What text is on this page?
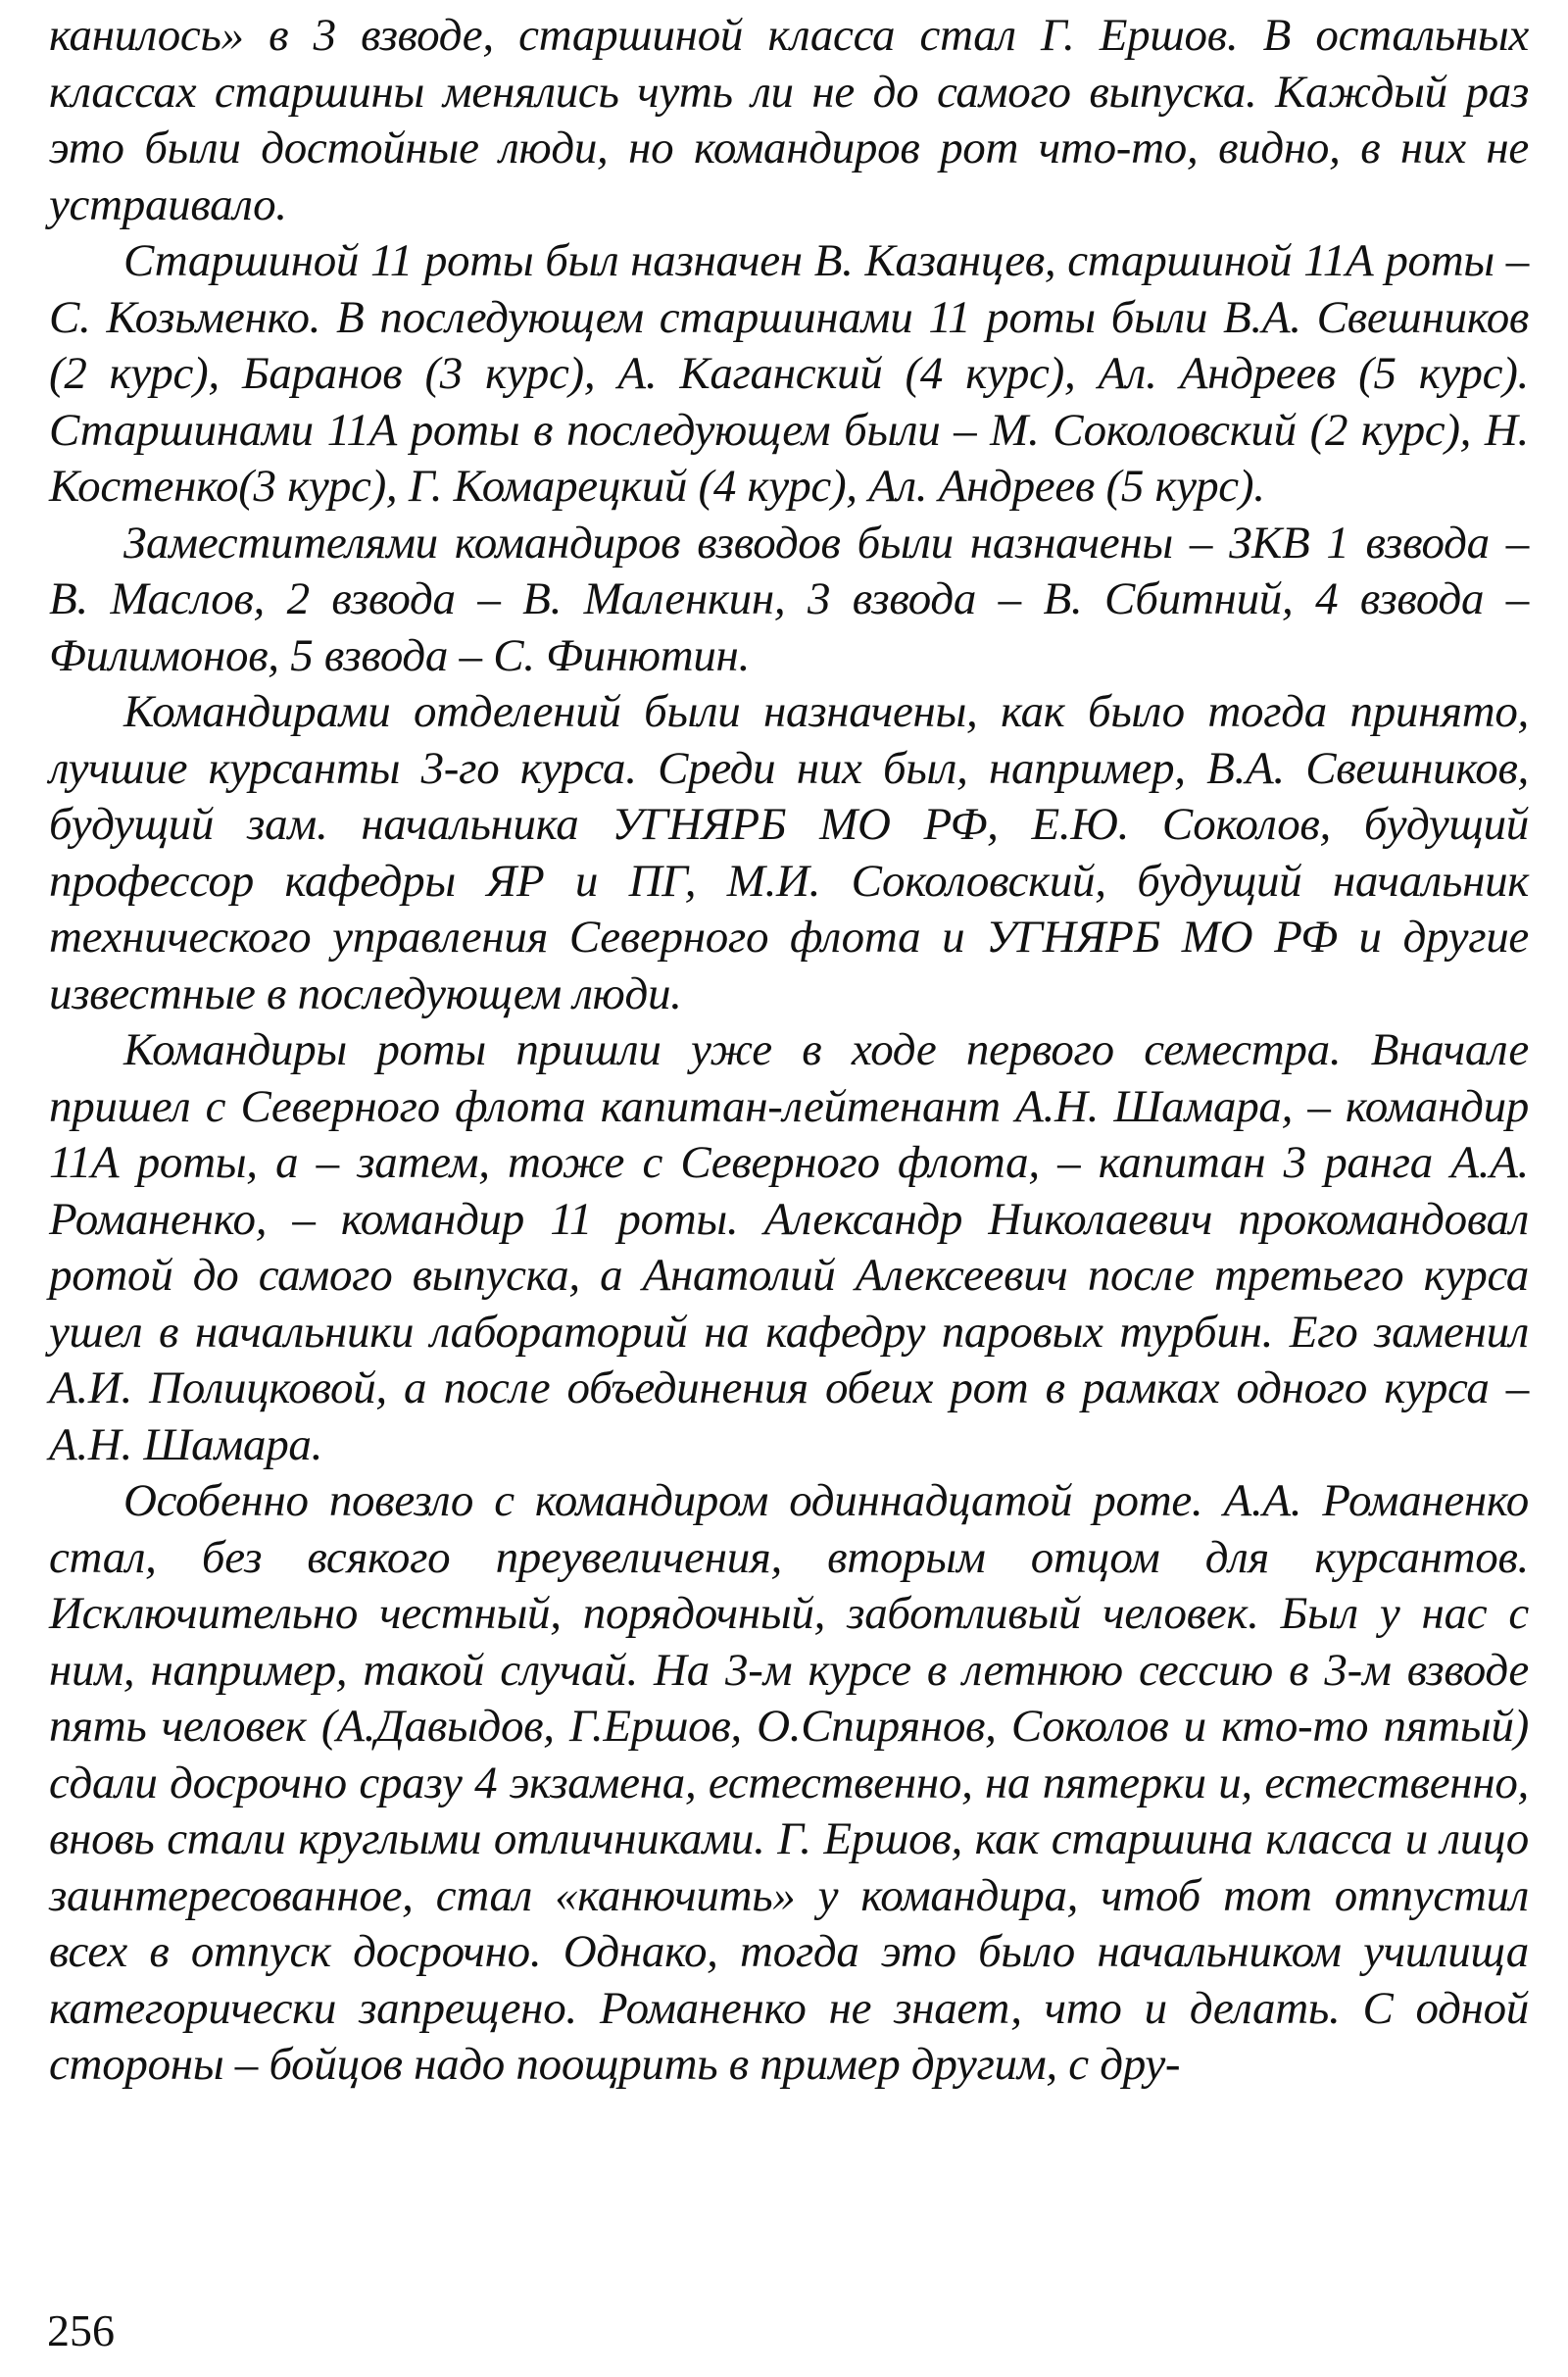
канилось» в 3 взводе, старшиной класса стал Г. Ершов. В остальных классах старшины менялись чуть ли не до самого выпуска. Каждый раз это были достойные люди, но командиров рот что-то, видно, в них не устраивало.

Старшиной 11 роты был назначен В. Казанцев, старшиной 11А роты – С. Козьменко. В последующем старшинами 11 роты были В.А. Свешников (2 курс), Баранов (3 курс), А. Каганский (4 курс), Ал. Андреев (5 курс). Старшинами 11А роты в последующем были – М. Соколовский (2 курс), Н. Костенко(3 курс), Г. Комарецкий (4 курс), Ал. Андреев (5 курс).

Заместителями командиров взводов были назначены – ЗКВ 1 взвода – В. Маслов, 2 взвода – В. Маленкин, 3 взвода – В. Сбитний, 4 взвода – Филимонов, 5 взвода – С. Финютин.

Командирами отделений были назначены, как было тогда принято, лучшие курсанты 3-го курса. Среди них был, например, В.А. Свешников, будущий зам. начальника УГНЯРБ МО РФ, Е.Ю. Соколов, будущий профессор кафедры ЯР и ПГ, М.И. Соколовский, будущий начальник технического управления Северного флота и УГНЯРБ МО РФ и другие известные в последующем люди.

Командиры роты пришли уже в ходе первого семестра. Вначале пришел с Северного флота капитан-лейтенант А.Н. Шамара, – командир 11А роты, а – затем, тоже с Северного флота, – капитан 3 ранга А.А. Романенко, – командир 11 роты. Александр Николаевич прокомандовал ротой до самого выпуска, а Анатолий Алексеевич после третьего курса ушел в начальники лабораторий на кафедру паровых турбин. Его заменил А.И. Полицковой, а после объединения обеих рот в рамках одного курса – А.Н. Шамара.

Особенно повезло с командиром одиннадцатой роте. А.А. Романенко стал, без всякого преувеличения, вторым отцом для курсантов. Исключительно честный, порядочный, заботливый человек. Был у нас с ним, например, такой случай. На 3-м курсе в летнюю сессию в 3-м взводе пять человек (А.Давыдов, Г.Ершов, О.Спирянов, Соколов и кто-то пятый) сдали досрочно сразу 4 экзамена, естественно, на пятерки и, естественно, вновь стали круглыми отличниками. Г. Ершов, как старшина класса и лицо заинтересованное, стал «канючить» у командира, чтоб тот отпустил всех в отпуск досрочно. Однако, тогда это было начальником училища категорически запрещено. Романенко не знает, что и делать. С одной стороны – бойцов надо поощрить в пример другим, с дру-

256
